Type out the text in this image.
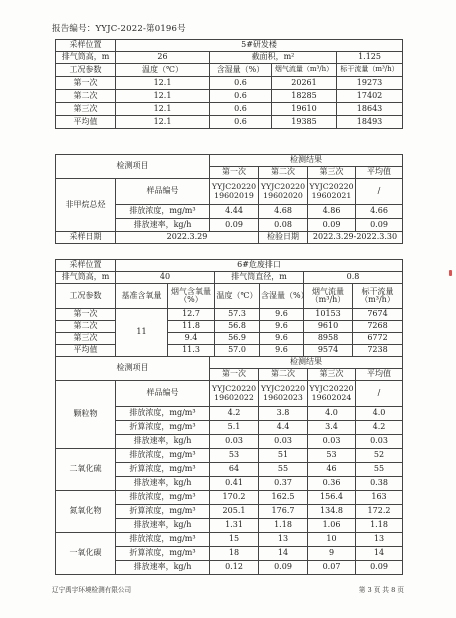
报告编号：YYJC-2022-第0196号
采样位置	5#研发楼			
排气筒高，m	26	截面积，m²		1.125
工况参数	温度（℃）	含湿量（%）	烟气流量（m³/h）	标干流量（m³/h）
第一次	12.1	0.6	20261	19273
第二次	12.1	0.6	18285	17402
第三次	12.1	0.6	19610	18643
平均值	12.1	0.6	19385	18493
检测项目		检测结果			
		第一次	第二次	第三次	平均值
非甲烷总烃	样品编号	YYJC2022019602019	YYJC2022019602020	YYJC2022019602021	/
	排放浓度，mg/m³	4.44	4.68	4.86	4.66
	排放速率，kg/h	0.09	0.08	0.09	0.09
采样日期	2022.3.29		检验日期	2022.3.29-2022.3.30	
采样位置	6#危废排口					
排气筒高，m	40		排气筒直径，m		0.8	
工况参数	基准含氧量	烟气含氧量（%）	温度（℃）	含湿量（%）	烟气流量（m³/h）	标干流量（m³/h）
第一次	11	12.7	57.3	9.6	10153	7674
第二次		11.8	56.8	9.6	9610	7268
第三次		9.4	56.9	9.6	8958	6772
平均值		11.3	57.0	9.6	9574	7238
检测项目		检测结果			
		第一次	第二次	第三次	平均值
颗粒物	样品编号	YYJC2022019602022	YYJC2022019602023	YYJC2022019602024	/
	排放浓度，mg/m³	4.2	3.8	4.0	4.0
	折算浓度，mg/m³	5.1	4.4	3.4	4.2
	排放速率，kg/h	0.03	0.03	0.03	0.03
二氧化硫	排放浓度，mg/m³	53	51	53	52
	折算浓度，mg/m³	64	55	46	55
	排放速率，kg/h	0.41	0.37	0.36	0.38
氮氧化物	排放浓度，mg/m³	170.2	162.5	156.4	163
	折算浓度，mg/m³	205.1	176.7	134.8	172.2
	排放速率，kg/h	1.31	1.18	1.06	1.18
一氧化碳	排放浓度，mg/m³	15	13	10	13
	折算浓度，mg/m³	18	14	9	14
	排放速率，kg/h	0.12	0.09	0.07	0.09
辽宁禹宇环境检测有限公司	第 3 页 共 8 页
